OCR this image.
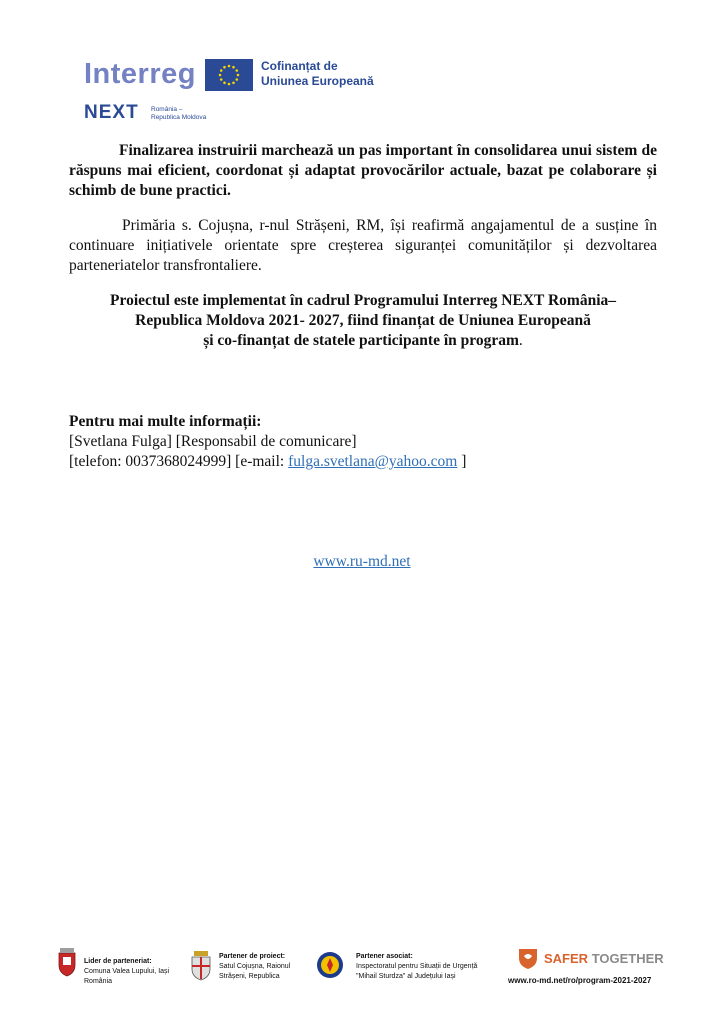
Interreg	Cofinanțat de
Uniunea Europeană
NEXT România –
Republica Moldova
Finalizarea instruirii marchează un pas important în consolidarea unui sistem de răspuns mai eficient, coordonat și adaptat provocărilor actuale, bazat pe colaborare și schimb de bune practici.
Primăria s. Cojușna, r-nul Strășeni, RM, își reafirmă angajamentul de a susține în continuare inițiativele orientate spre creșterea siguranței comunităților și dezvoltarea parteneriatelor transfrontaliere.
Proiectul este implementat în cadrul Programului Interreg NEXT România–
Republica Moldova 2021- 2027, fiind finanțat de Uniunea Europeană
și co-finanțat de statele participante în program.
Pentru mai multe informații:
[Svetlana Fulga] [Responsabil de comunicare]
[telefon: 0037368024999] [e-mail: fulga.svetlana@yahoo.com ]
www.ru-md.net
Lider de parteneriat:
Comuna Valea Lupului, Iași
România
Partener de proiect:
Satul Cojușna, Raionul
Strășeni, Republica
Partener asociat:
Inspectoratul pentru Situații de Urgență
"Mihail Sturdza" al Județului Iași
SAFER TOGETHER
www.ro-md.net/ro/program-2021-2027
